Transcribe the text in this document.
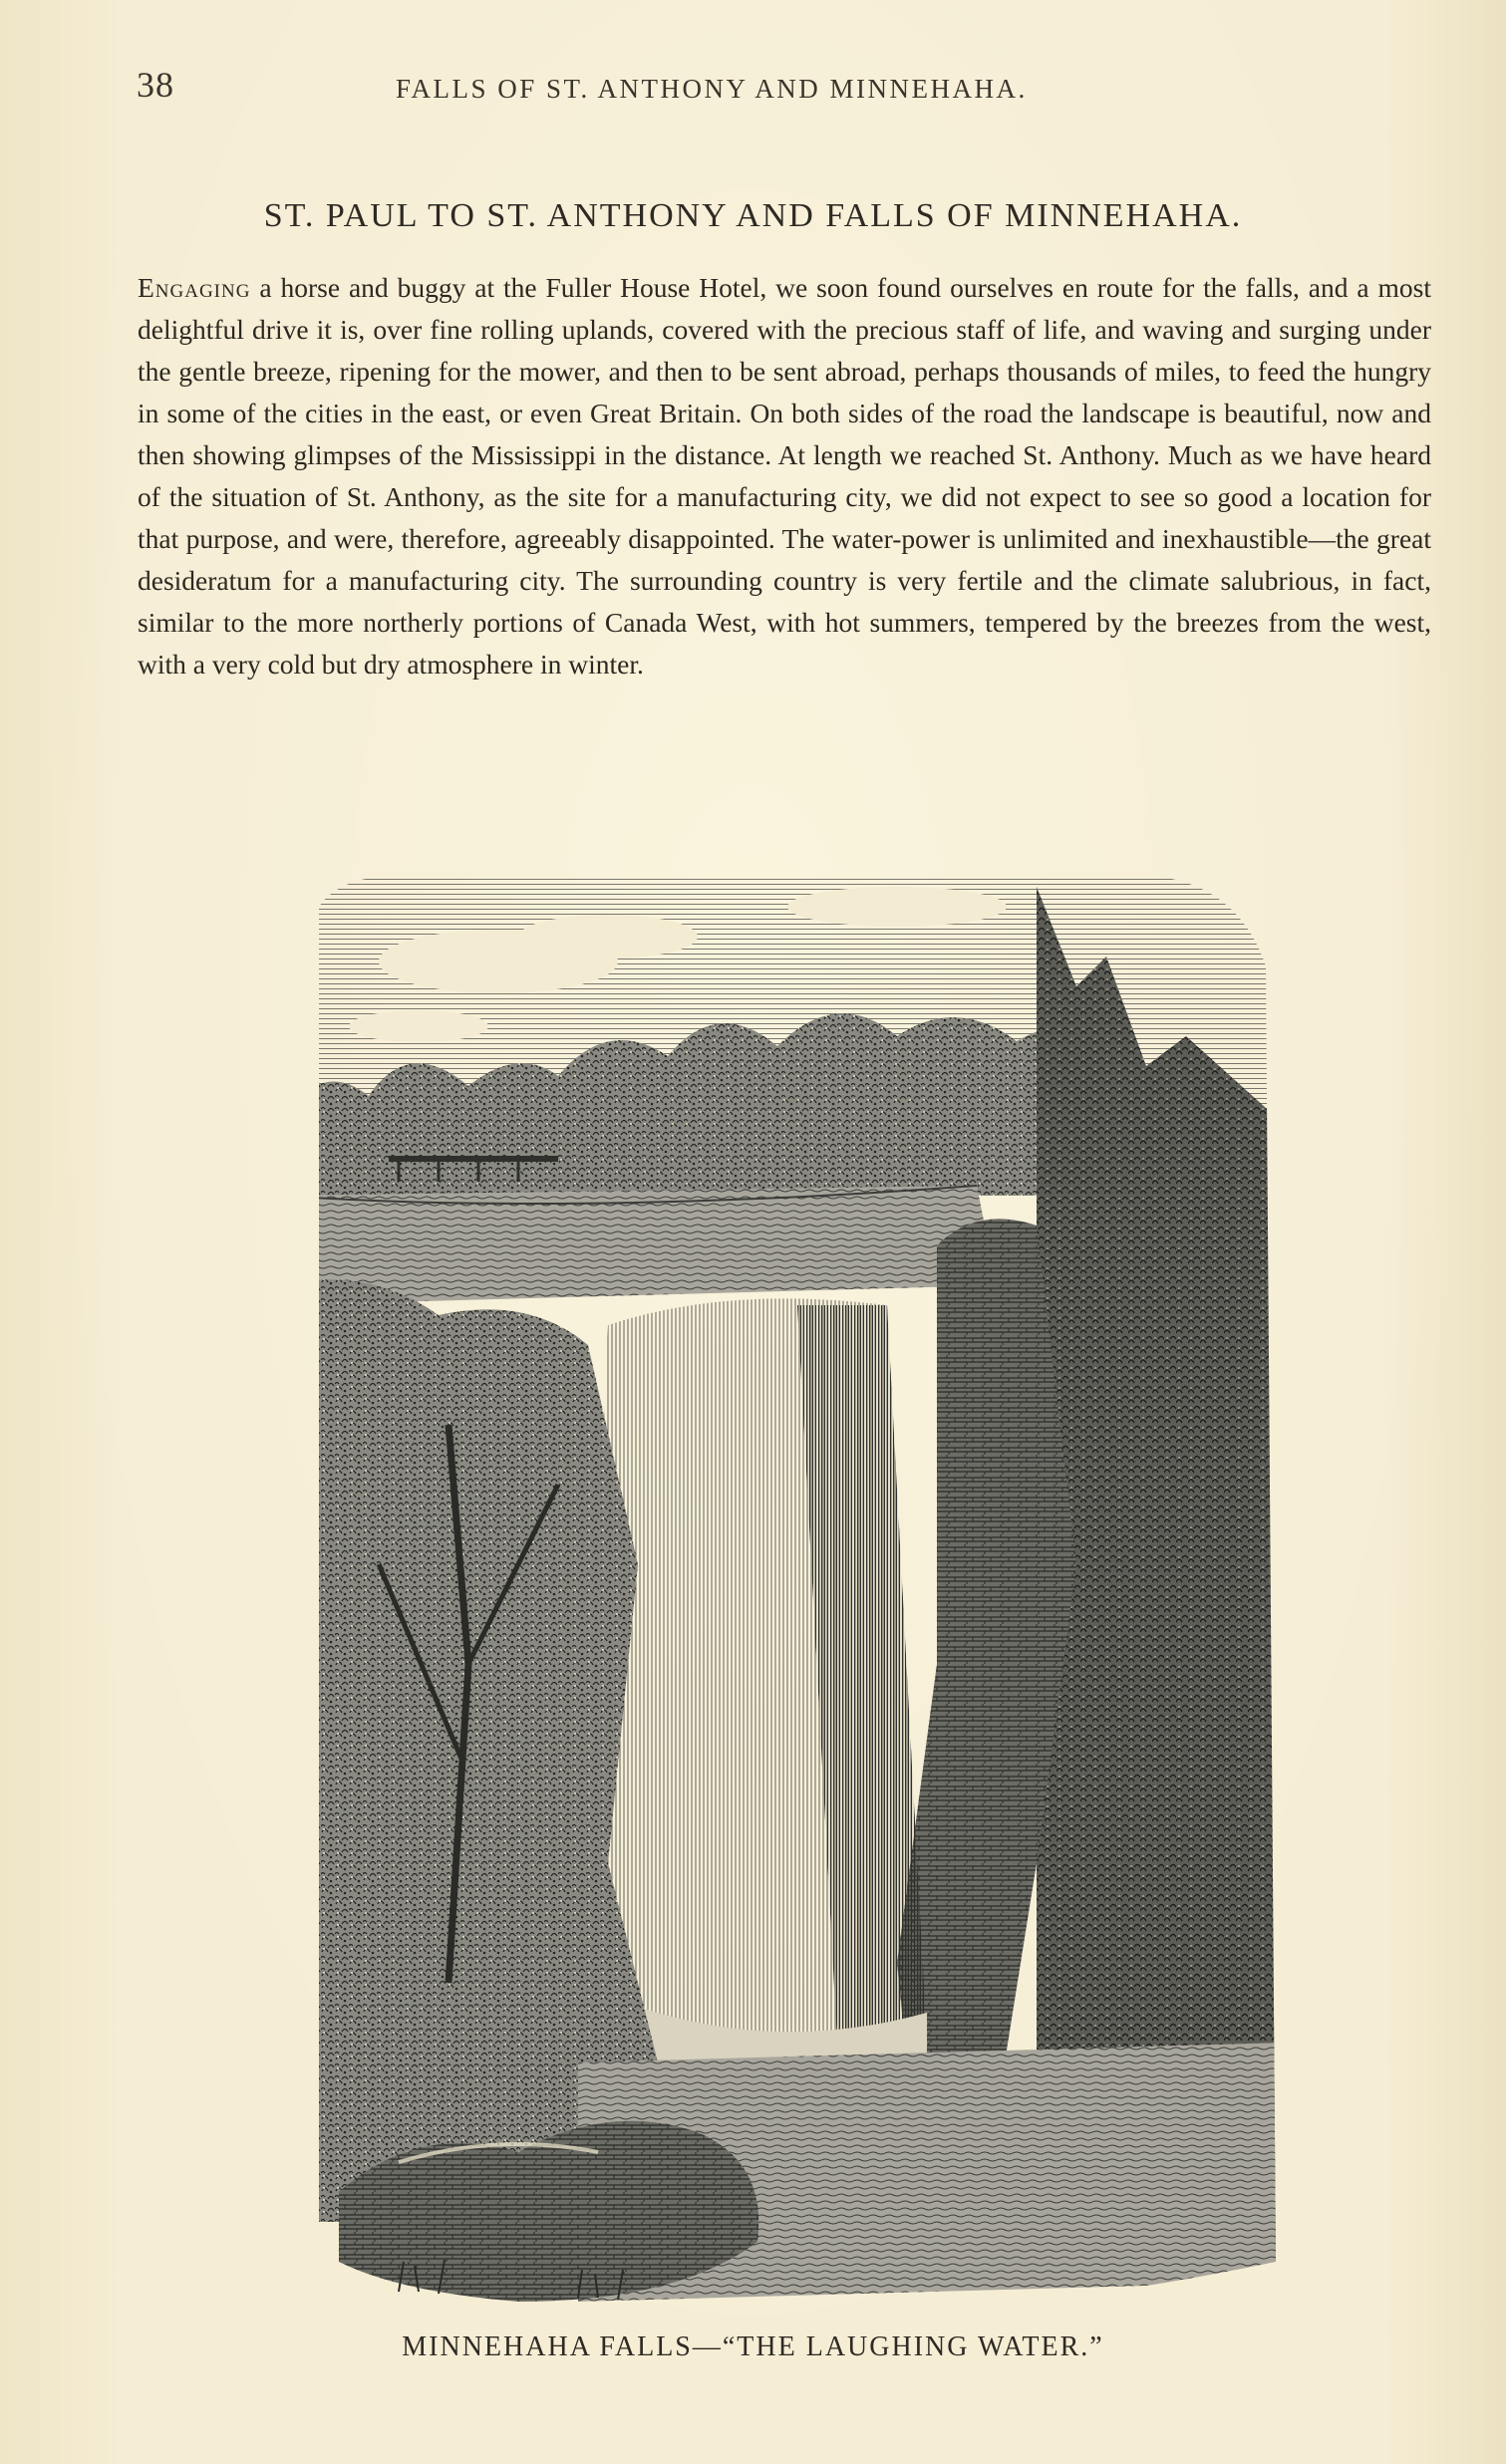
38	FALLS OF ST. ANTHONY AND MINNEHAHA.
ST. PAUL TO ST. ANTHONY AND FALLS OF MINNEHAHA.
Engaging a horse and buggy at the Fuller House Hotel, we soon found ourselves en route for the falls, and a most delightful drive it is, over fine rolling uplands, covered with the precious staff of life, and waving and surging under the gentle breeze, ripening for the mower, and then to be sent abroad, perhaps thousands of miles, to feed the hungry in some of the cities in the east, or even Great Britain. On both sides of the road the landscape is beautiful, now and then showing glimpses of the Mississippi in the distance. At length we reached St. Anthony. Much as we have heard of the situation of St. Anthony, as the site for a manufacturing city, we did not expect to see so good a location for that purpose, and were, therefore, agreeably disappointed. The water-power is unlimited and inexhaustible—the great desideratum for a manufacturing city. The surrounding country is very fertile and the climate salubrious, in fact, similar to the more northerly portions of Canada West, with hot summers, tempered by the breezes from the west, with a very cold but dry atmosphere in winter.
MINNEHAHA FALLS—“THE LAUGHING WATER.”
